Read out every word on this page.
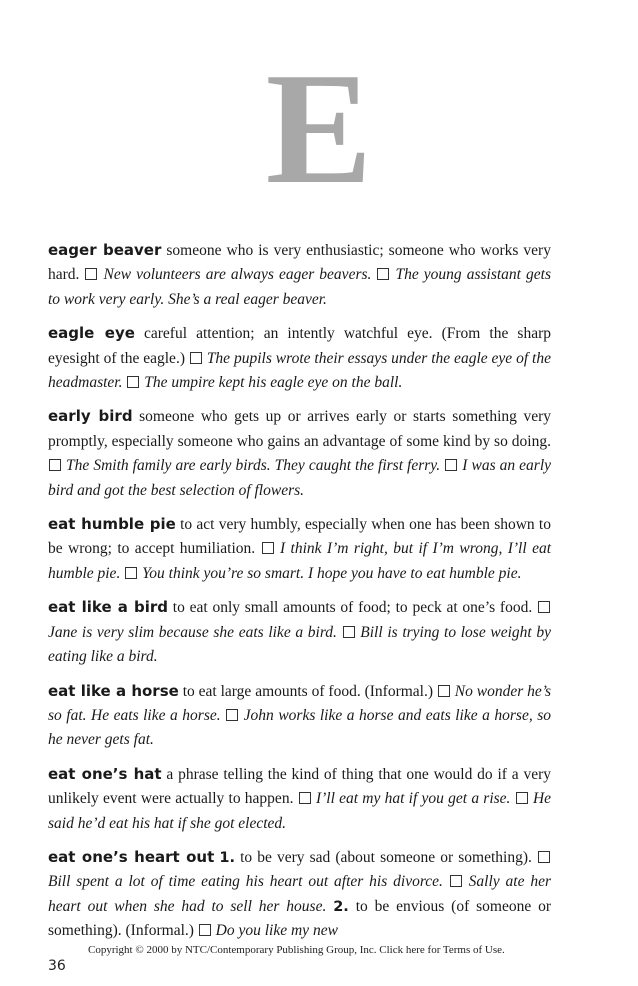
E

eager beaver someone who is very enthusiastic; someone who works very hard.  New volunteers are always eager beavers. The young assistant gets to work very early. She’s a real eager beaver.

eagle eye careful attention; an intently watchful eye. (From the sharp eyesight of the eagle.)  The pupils wrote their essays under the eagle eye of the headmaster. The umpire kept his eagle eye on the ball.

early bird someone who gets up or arrives early or starts something very promptly, especially someone who gains an advantage of some kind by so doing.  The Smith family are early birds. They caught the first ferry. I was an early bird and got the best selection of flowers.

eat humble pie to act very humbly, especially when one has been shown to be wrong; to accept humiliation.  I think I’m right, but if I’m wrong, I’ll eat humble pie. You think you’re so smart. I hope you have to eat humble pie.

eat like a bird to eat only small amounts of food; to peck at one’s food.  Jane is very slim because she eats like a bird. Bill is trying to lose weight by eating like a bird.

eat like a horse to eat large amounts of food. (Informal.)  No wonder he’s so fat. He eats like a horse. John works like a horse and eats like a horse, so he never gets fat.

eat one’s hat a phrase telling the kind of thing that one would do if a very unlikely event were actually to happen.  I’ll eat my hat if you get a rise. He said he’d eat his hat if she got elected.

eat one’s heart out 1. to be very sad (about someone or something).  Bill spent a lot of time eating his heart out after his divorce. Sally ate her heart out when she had to sell her house. 2. to be envious (of someone or something). (Informal.)  Do you like my new

Copyright © 2000 by NTC/Contemporary Publishing Group, Inc. Click here for Terms of Use.
36
